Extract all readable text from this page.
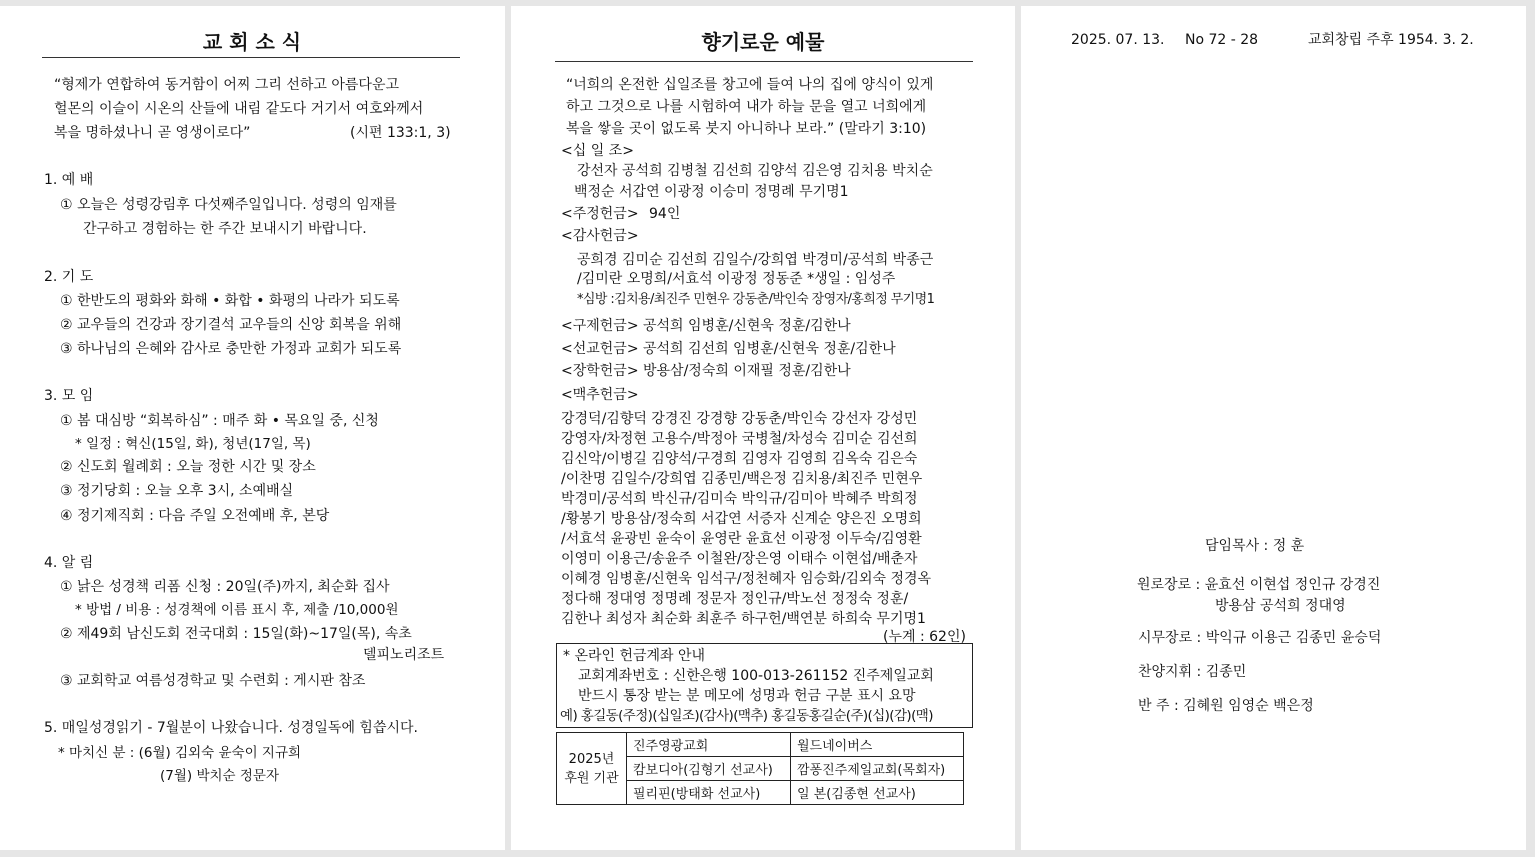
교 회 소 식
“형제가 연합하여 동거함이 어찌 그리 선하고 아름다운고
헐몬의 이슬이 시온의 산들에 내림 같도다 거기서 여호와께서
복을 명하셨나니 곧 영생이로다”	(시편 133:1, 3)
1. 예 배
① 오늘은 성령강림후 다섯째주일입니다. 성령의 임재를
간구하고 경험하는 한 주간 보내시기 바랍니다.
2. 기 도
① 한반도의 평화와 화해 • 화합 • 화평의 나라가 되도록
② 교우들의 건강과 장기결석 교우들의 신앙 회복을 위해
③ 하나님의 은혜와 감사로 충만한 가정과 교회가 되도록
3. 모 임
① 봄 대심방 “회복하심” : 매주 화 • 목요일 중, 신청
* 일정 : 혁신(15일, 화), 청년(17일, 목)
② 신도회 월례회 : 오늘 정한 시간 및 장소
③ 정기당회 : 오늘 오후 3시, 소예배실
④ 정기제직회 : 다음 주일 오전예배 후, 본당
4. 알 림
① 낡은 성경책 리폼 신청 : 20일(주)까지, 최순화 집사
* 방법 / 비용 : 성경책에 이름 표시 후, 제출 /10,000원
② 제49회 남신도회 전국대회 : 15일(화)~17일(목), 속초
델피노리조트
③ 교회학교 여름성경학교 및 수련회 : 게시판 참조
5. 매일성경읽기 - 7월분이 나왔습니다. 성경일독에 힘씁시다.
* 마치신 분 : (6월) 김외숙 윤숙이 지규희
(7월) 박치순 정문자
향기로운 예물
“너희의 온전한 십일조를 창고에 들여 나의 집에 양식이 있게
하고 그것으로 나를 시험하여 내가 하늘 문을 열고 너희에게
복을 쌓을 곳이 없도록 붓지 아니하나 보라.” (말라기 3:10)
<십 일 조>
강선자 공석희 김병철 김선희 김양석 김은영 김치용 박치순
백정순 서갑연 이광정 이승미 정명례 무기명1
<주정헌금> 94인
<감사헌금>
공희경 김미순 김선희 김일수/강희엽 박경미/공석희 박종근
/김미란 오명희/서효석 이광정 정동준 *생일 : 임성주
*심방 :김치용/최진주 민현우 강동춘/박인숙 장영자/홍희정 무기명1
<구제헌금> 공석희 임병훈/신현욱 정훈/김한나
<선교헌금> 공석희 김선희 임병훈/신현욱 정훈/김한나
<장학헌금> 방용삼/정숙희 이재필 정훈/김한나
<맥추헌금>
강경덕/김향덕 강경진 강경향 강동춘/박인숙 강선자 강성민
강영자/차정현 고용수/박정아 국병철/차성숙 김미순 김선희
김신악/이병길 김양석/구경희 김영자 김영희 김옥숙 김은숙
/이찬명 김일수/강희엽 김종민/백은정 김치용/최진주 민현우
박경미/공석희 박신규/김미숙 박익규/김미아 박혜주 박희정
/황봉기 방용삼/정숙희 서갑연 서증자 신계순 양은진 오명희
/서효석 윤광빈 윤숙이 윤영란 윤효선 이광정 이두숙/김영환
이영미 이용근/송윤주 이철완/장은영 이태수 이현섭/배춘자
이혜경 임병훈/신현욱 임석구/정천혜자 임승화/김외숙 정경옥
정다해 정대영 정명례 정문자 정인규/박노선 정정숙 정훈/
김한나 최성자 최순화 최훈주 하구헌/백연분 하희숙 무기명1
(누계 : 62인)
* 온라인 헌금계좌 안내
교회계좌번호 : 신한은행 100-013-261152 진주제일교회
반드시 통장 받는 분 메모에 성명과 헌금 구분 표시 요망
예) 홍길동(주정)(십일조)(감사)(맥추) 홍길동홍길순(주)(십)(감)(맥)
2025년
후원 기관	진주영광교회	월드네이버스
	캄보디아(김형기 선교사)	깜퐁진주제일교회(목회자)
	필리핀(방태화 선교사)	일 본(김종현 선교사)
2025. 07. 13. No 72 - 28	교회창립 주후 1954. 3. 2.
담임목사 : 정 훈
원로장로 : 윤효선 이현섭 정인규 강경진
방용삼 공석희 정대영
시무장로 : 박익규 이용근 김종민 윤승덕
찬양지휘 : 김종민
반 주 : 김혜원 임영순 백은정
